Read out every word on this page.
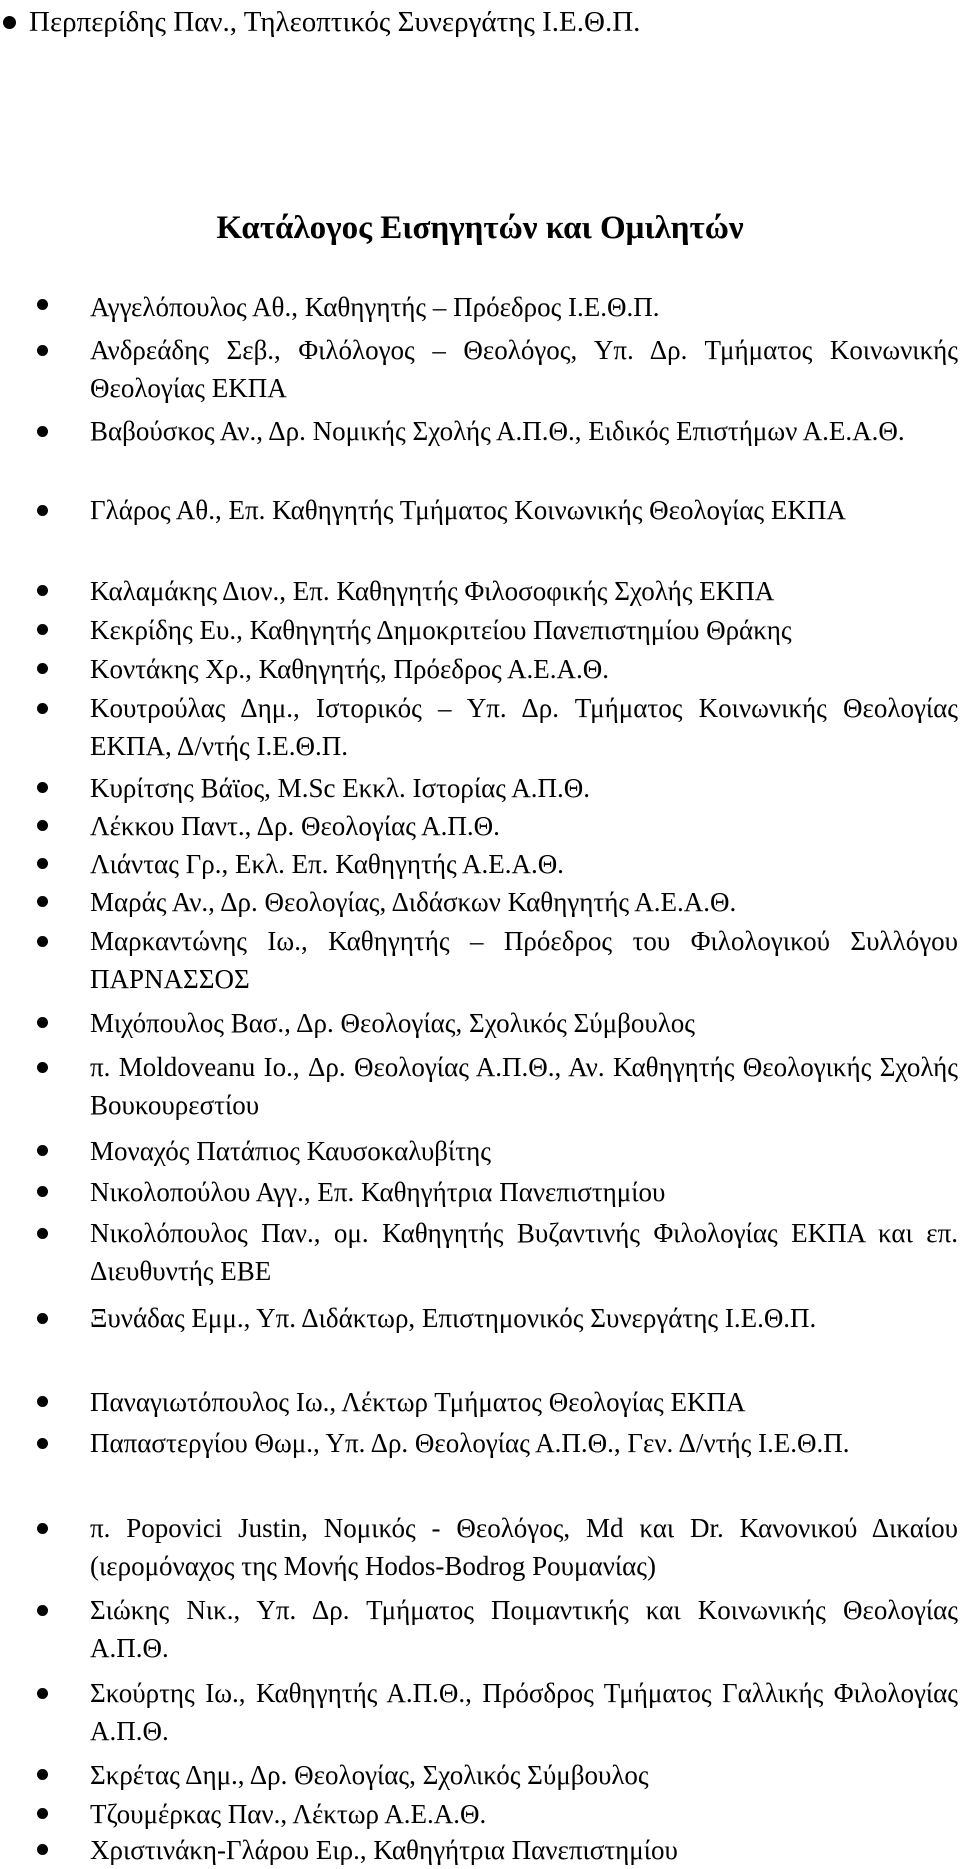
Περπερίδης Παν., Τηλεοπτικός Συνεργάτης Ι.Ε.Θ.Π.
Κατάλογος Εισηγητών και Ομιλητών
Αγγελόπουλος Αθ., Καθηγητής – Πρόεδρος Ι.Ε.Θ.Π.
Ανδρεάδης Σεβ., Φιλόλογος – Θεολόγος, Υπ. Δρ. Τμήματος Κοινωνικής Θεολογίας ΕΚΠΑ
Βαβούσκος Αν., Δρ. Νομικής Σχολής Α.Π.Θ., Ειδικός Επιστήμων Α.Ε.Α.Θ.
Γλάρος Αθ., Επ. Καθηγητής Τμήματος Κοινωνικής Θεολογίας ΕΚΠΑ
Καλαμάκης Διον., Επ. Καθηγητής Φιλοσοφικής Σχολής ΕΚΠΑ
Κεκρίδης Ευ., Καθηγητής Δημοκριτείου Πανεπιστημίου Θράκης
Κοντάκης Χρ., Καθηγητής, Πρόεδρος Α.Ε.Α.Θ.
Κουτρούλας Δημ., Ιστορικός – Υπ. Δρ. Τμήματος Κοινωνικής Θεολογίας ΕΚΠΑ, Δ/ντής Ι.Ε.Θ.Π.
Κυρίτσης Βάϊος, M.Sc Εκκλ. Ιστορίας Α.Π.Θ.
Λέκκου Παντ., Δρ. Θεολογίας Α.Π.Θ.
Λιάντας Γρ., Εκλ. Επ. Καθηγητής Α.Ε.Α.Θ.
Μαράς Αν., Δρ. Θεολογίας, Διδάσκων Καθηγητής Α.Ε.Α.Θ.
Μαρκαντώνης Ιω., Καθηγητής – Πρόεδρος του Φιλολογικού Συλλόγου ΠΑΡΝΑΣΣΟΣ
Μιχόπουλος Βασ., Δρ. Θεολογίας, Σχολικός Σύμβουλος
π. Moldoveanu Io., Δρ. Θεολογίας Α.Π.Θ., Αν. Καθηγητής Θεολογικής Σχολής Βουκουρεστίου
Μοναχός Πατάπιος Καυσοκαλυβίτης
Νικολοπούλου Αγγ., Επ. Καθηγήτρια Πανεπιστημίου
Νικολόπουλος Παν., ομ. Καθηγητής Βυζαντινής Φιλολογίας ΕΚΠΑ και επ. Διευθυντής ΕΒΕ
Ξυνάδας Εμμ., Υπ. Διδάκτωρ, Επιστημονικός Συνεργάτης Ι.Ε.Θ.Π.
Παναγιωτόπουλος Ιω., Λέκτωρ Τμήματος Θεολογίας ΕΚΠΑ
Παπαστεργίου Θωμ., Υπ. Δρ. Θεολογίας Α.Π.Θ., Γεν. Δ/ντής Ι.Ε.Θ.Π.
π. Popovici Justin, Νομικός - Θεολόγος, Md και Dr. Κανονικού Δικαίου (ιερομόναχος της Μονής Hodos-Bodrog Ρουμανίας)
Σιώκης Νικ., Υπ. Δρ. Τμήματος Ποιμαντικής και Κοινωνικής Θεολογίας Α.Π.Θ.
Σκούρτης Ιω., Καθηγητής Α.Π.Θ., Πρόσδρος Τμήματος Γαλλικής Φιλολογίας Α.Π.Θ.
Σκρέτας Δημ., Δρ. Θεολογίας, Σχολικός Σύμβουλος
Τζουμέρκας Παν., Λέκτωρ Α.Ε.Α.Θ.
Χριστινάκη-Γλάρου Ειρ., Καθηγήτρια Πανεπιστημίου
